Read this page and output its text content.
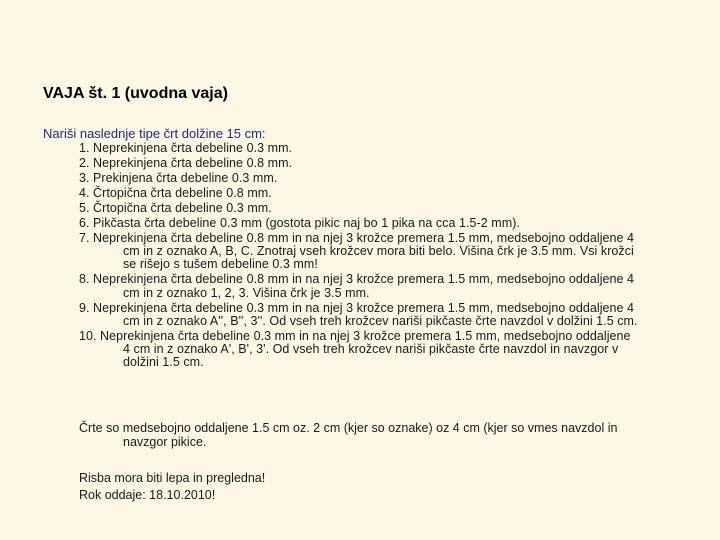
VAJA št. 1 (uvodna vaja)
Nariši naslednje tipe črt dolžine 15 cm:
1. Neprekinjena črta debeline 0.3 mm.
2. Neprekinjena črta debeline 0.8 mm.
3. Prekinjena črta debeline 0.3 mm.
4. Črtopična črta debeline 0.8 mm.
5. Črtopična črta debeline 0.3 mm.
6. Pikčasta črta debeline 0.3 mm (gostota pikic naj bo 1 pika na cca 1.5-2 mm).
7. Neprekinjena črta debeline 0.8 mm in na njej 3 krožce premera 1.5 mm, medsebojno oddaljene 4 cm in z oznako A, B, C. Znotraj vseh krožcev mora biti belo. Višina črk je 3.5 mm. Vsi krožci se rišejo s tušem debeline 0.3 mm!
8. Neprekinjena črta debeline 0.8 mm in na njej 3 krožce premera 1.5 mm, medsebojno oddaljene 4 cm in z oznako 1, 2, 3. Višina črk je 3.5 mm.
9. Neprekinjena črta debeline 0.3 mm in na njej 3 krožce premera 1.5 mm, medsebojno oddaljene 4 cm in z oznako A'', B'', 3''. Od vseh treh krožcev nariši pikčaste črte navzdol v dolžini 1.5 cm.
10. Neprekinjena črta debeline 0.3 mm in na njej 3 krožce premera 1.5 mm, medsebojno oddaljene 4 cm in z oznako A', B', 3'. Od vseh treh krožcev nariši pikčaste črte navzdol in navzgor v dolžini 1.5 cm.
Črte so medsebojno oddaljene 1.5 cm oz. 2 cm (kjer so oznake) oz 4 cm (kjer so vmes navzdol in navzgor pikice.
Risba mora biti lepa in pregledna!
Rok oddaje: 18.10.2010!
